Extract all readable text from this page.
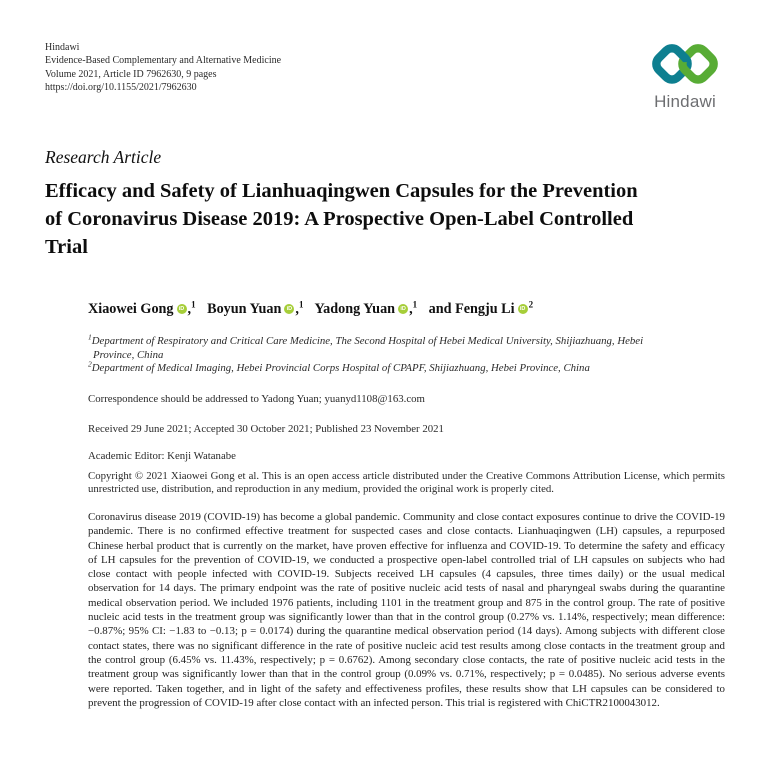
Hindawi
Evidence-Based Complementary and Alternative Medicine
Volume 2021, Article ID 7962630, 9 pages
https://doi.org/10.1155/2021/7962630
Hindawi
Research Article
Efficacy and Safety of Lianhuaqingwen Capsules for the Prevention of Coronavirus Disease 2019: A Prospective Open-Label Controlled Trial
Xiaowei Gong iD ,$^1$ Boyun Yuan iD ,$^1$ Yadong Yuan iD ,$^1$ and Fengju Li iD $^2$
$^1$Department of Respiratory and Critical Care Medicine, The Second Hospital of Hebei Medical University, Shijiazhuang, Hebei Province, China
$^2$Department of Medical Imaging, Hebei Provincial Corps Hospital of CPAPF, Shijiazhuang, Hebei Province, China

Correspondence should be addressed to Yadong Yuan; yuanyd1108@163.com

Received 29 June 2021; Accepted 30 October 2021; Published 23 November 2021

Academic Editor: Kenji Watanabe

Copyright © 2021 Xiaowei Gong et al. This is an open access article distributed under the Creative Commons Attribution License, which permits unrestricted use, distribution, and reproduction in any medium, provided the original work is properly cited.

Coronavirus disease 2019 (COVID-19) has become a global pandemic. Community and close contact exposures continue to drive the COVID-19 pandemic. There is no confirmed effective treatment for suspected cases and close contacts. Lianhuaqingwen (LH) capsules, a repurposed Chinese herbal product that is currently on the market, have proven effective for influenza and COVID-19. To determine the safety and efficacy of LH capsules for the prevention of COVID-19, we conducted a prospective open-label controlled trial of LH capsules on subjects who had close contact with people infected with COVID-19. Subjects received LH capsules (4 capsules, three times daily) or the usual medical observation for 14 days. The primary endpoint was the rate of positive nucleic acid tests of nasal and pharyngeal swabs during the quarantine medical observation period. We included 1976 patients, including 1101 in the treatment group and 875 in the control group. The rate of positive nucleic acid tests in the treatment group was significantly lower than that in the control group (0.27% vs. 1.14%, respectively; mean difference: −0.87%; 95% CI: −1.83 to −0.13; p = 0.0174) during the quarantine medical observation period (14 days). Among subjects with different close contact states, there was no significant difference in the rate of positive nucleic acid test results among close contacts in the treatment group and the control group (6.45% vs. 11.43%, respectively; p = 0.6762). Among secondary close contacts, the rate of positive nucleic acid tests in the treatment group was significantly lower than that in the control group (0.09% vs. 0.71%, respectively; p = 0.0485). No serious adverse events were reported. Taken together, and in light of the safety and effectiveness profiles, these results show that LH capsules can be considered to prevent the progression of COVID-19 after close contact with an infected person. This trial is registered with ChiCTR2100043012.
